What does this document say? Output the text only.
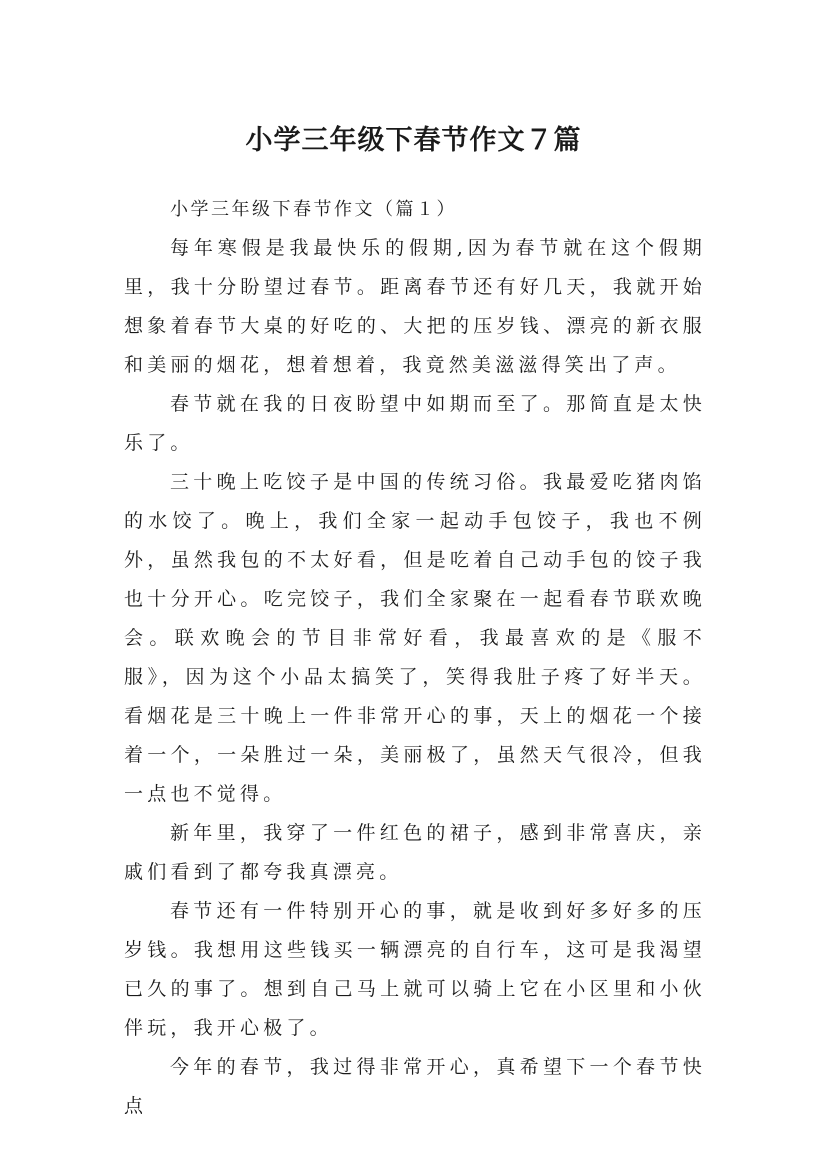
小学三年级下春节作文７篇

小学三年级下春节作文（篇１）

每年寒假是我最快乐的假期,因为春节就在这个假期里，我十分盼望过春节。距离春节还有好几天，我就开始想象着春节大桌的好吃的、大把的压岁钱、漂亮的新衣服和美丽的烟花，想着想着，我竟然美滋滋得笑出了声。

春节就在我的日夜盼望中如期而至了。那简直是太快乐了。

三十晚上吃饺子是中国的传统习俗。我最爱吃猪肉馅的水饺了。晚上，我们全家一起动手包饺子，我也不例外，虽然我包的不太好看，但是吃着自己动手包的饺子我也十分开心。吃完饺子，我们全家聚在一起看春节联欢晚会。联欢晚会的节目非常好看，我最喜欢的是《服不服》，因为这个小品太搞笑了，笑得我肚子疼了好半天。看烟花是三十晚上一件非常开心的事，天上的烟花一个接着一个，一朵胜过一朵，美丽极了，虽然天气很冷，但我一点也不觉得。

新年里，我穿了一件红色的裙子，感到非常喜庆，亲戚们看到了都夸我真漂亮。

春节还有一件特别开心的事，就是收到好多好多的压岁钱。我想用这些钱买一辆漂亮的自行车，这可是我渴望已久的事了。想到自己马上就可以骑上它在小区里和小伙伴玩，我开心极了。

今年的春节，我过得非常开心，真希望下一个春节快点
